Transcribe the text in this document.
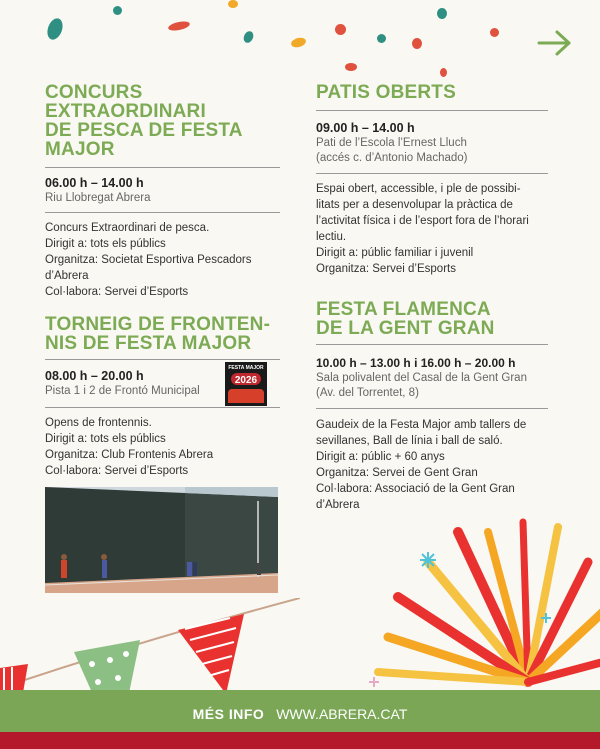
CONCURS
EXTRAORDINARI
DE PESCA DE FESTA
MAJOR

06.00 h – 14.00 h

Riu Llobregat Abrera

Concurs Extraordinari de pesca.

Dirigit a: tots els públics

Organitza: Societat Esportiva Pescadors

d’Abrera

Col·labora: Servei d’Esports

TORNEIG DE FRONTEN-
NIS DE FESTA MAJOR

08.00 h – 20.00 h

Pista 1 i 2 de Frontó Municipal

FESTA MAJOR
2026

Opens de frontennis.

Dirigit a: tots els públics

Organitza: Club Frontenis Abrera

Col·labora: Servei d’Esports

PATIS OBERTS

09.00 h – 14.00 h

Pati de l’Escola l’Ernest Lluch

(accés c. d’Antonio Machado)

Espai obert, accessible, i ple de possibi-

litats per a desenvolupar la pràctica de

l’activitat física i de l’esport fora de l’horari

lectiu.

Dirigit a: públic familiar i juvenil

Organitza: Servei d’Esports

FESTA FLAMENCA
DE LA GENT GRAN

10.00 h – 13.00 h i 16.00 h – 20.00 h

Sala polivalent del Casal de la Gent Gran

(Av. del Torrentet, 8)

Gaudeix de la Festa Major amb tallers de

sevillanes, Ball de línia i ball de saló.

Dirigit a: públic + 60 anys

Organitza: Servei de Gent Gran

Col·labora: Associació de la Gent Gran

d’Abrera

MÉS INFO WWW.ABRERA.CAT
